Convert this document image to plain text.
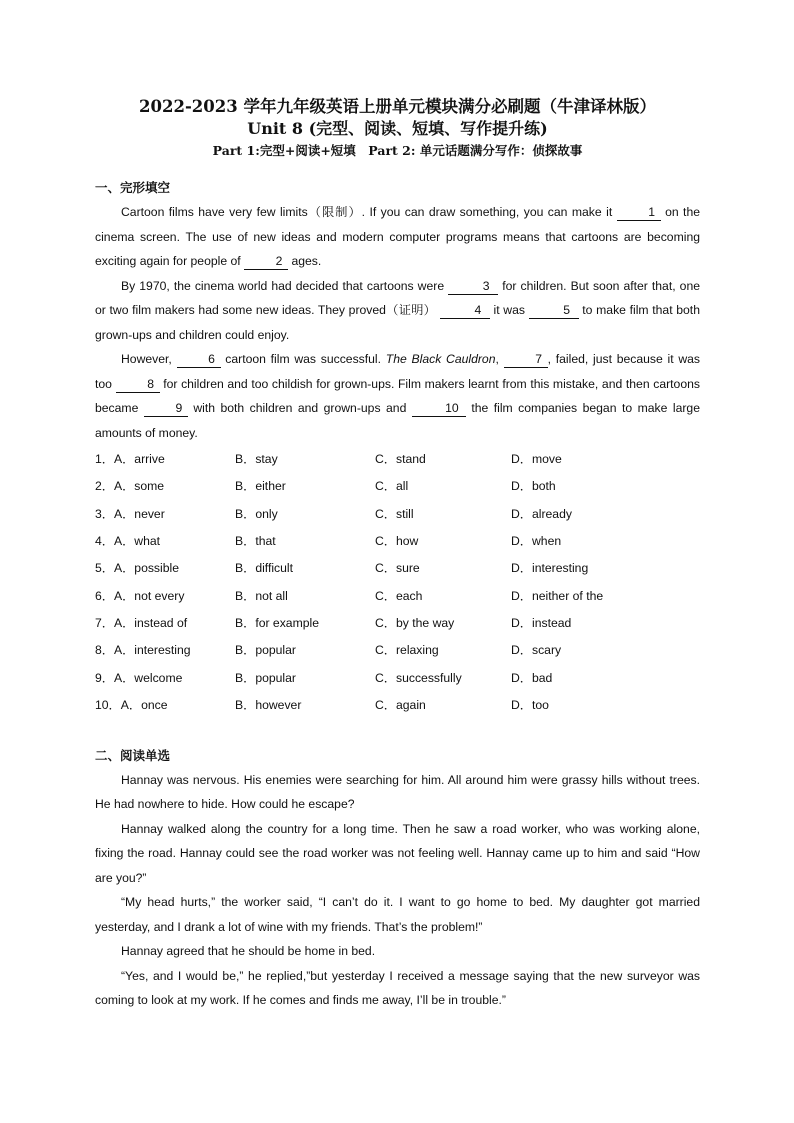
2022-2023 学年九年级英语上册单元模块满分必刷题（牛津译林版）
Unit 8 (完型、阅读、短填、写作提升练)
Part 1:完型+阅读+短填　Part 2: 单元话题满分写作：侦探故事
一、完形填空

Cartoon films have very few limits（限制）. If you can draw something, you can make it	1 on the cinema screen. The use of new ideas and modern computer programs means that cartoons are becoming exciting again for people of	2 ages.

By 1970, the cinema world had decided that cartoons were	3 for children. But soon after that, one or two film makers had some new ideas. They proved（证明）	4 it was	5 to make film that both grown-ups and children could enjoy.

However,	6 cartoon film was successful. The Black Cauldron,	7 , failed, just because it was too	8 for children and too childish for grown-ups. Film makers learnt from this mistake, and then cartoons became	9 with both children and grown-ups and	10 the film companies began to make large amounts of money.

1．A．arrive	B．stay	C．stand	D．move
2．A．some	B．either	C．all	D．both
3．A．never	B．only	C．still	D．already
4．A．what	B．that	C．how	D．when
5．A．possible	B．difficult	C．sure	D．interesting
6．A．not every	B．not all	C．each	D．neither of the
7．A．instead of	B．for example	C．by the way	D．instead
8．A．interesting	B．popular	C．relaxing	D．scary
9．A．welcome	B．popular	C．successfully	D．bad
10．A．once	B．however	C．again	D．too
二、阅读单选

Hannay was nervous. His enemies were searching for him. All around him were grassy hills without trees. He had nowhere to hide. How could he escape?

Hannay walked along the country for a long time. Then he saw a road worker, who was working alone, fixing the road. Hannay could see the road worker was not feeling well. Hannay came up to him and said “How are you?”

“My head hurts,” the worker said, “I can’t do it. I want to go home to bed. My daughter got married yesterday, and I drank a lot of wine with my friends. That’s the problem!”

Hannay agreed that he should be home in bed.

“Yes, and I would be,” he replied,”but yesterday I received a message saying that the new surveyor was coming to look at my work. If he comes and finds me away, I’ll be in trouble.”
